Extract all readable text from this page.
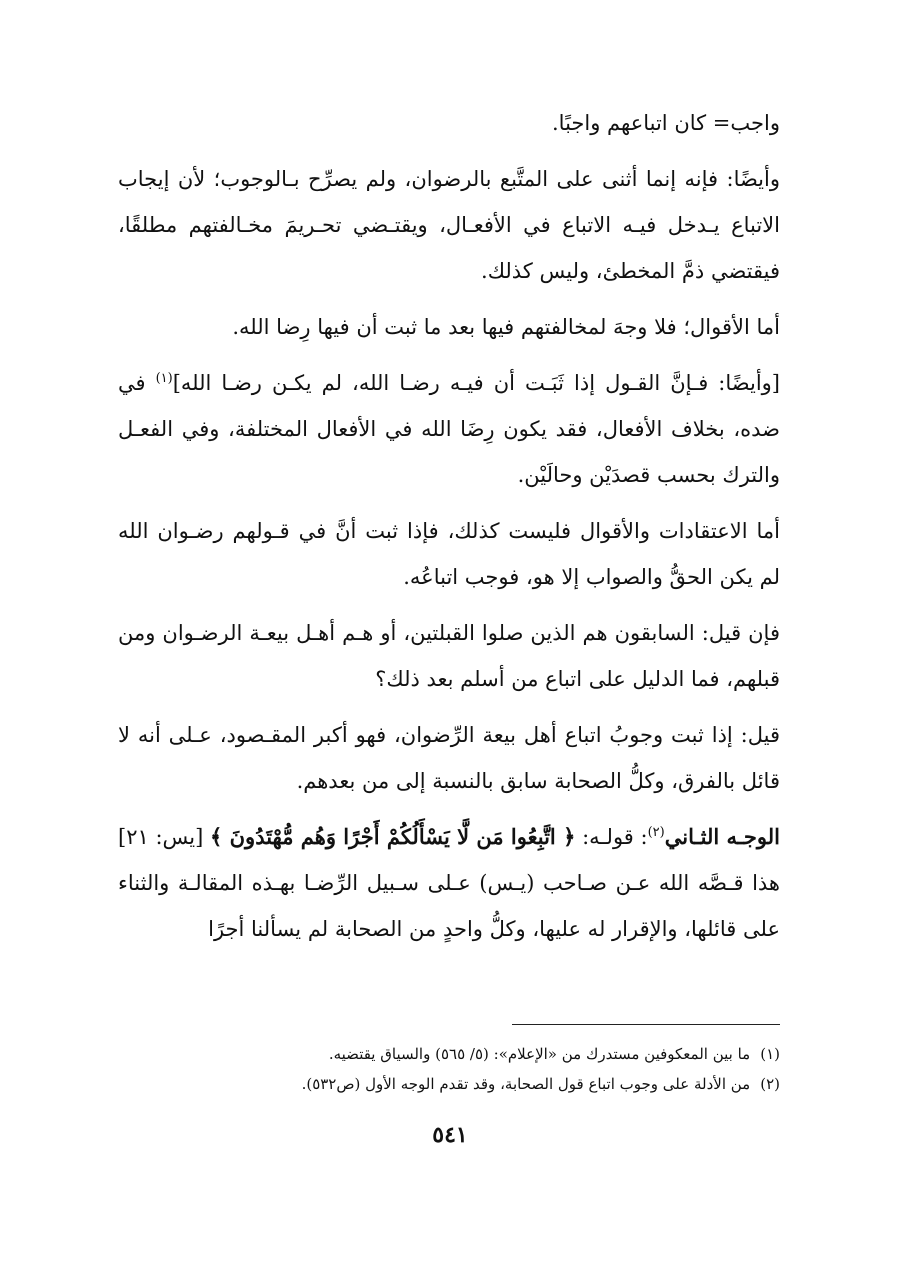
واجب= كان اتباعهم واجبًا.

وأيضًا: فإنه إنما أثنى على المتَّبع بالرضوان، ولم يصرِّح بـالوجوب؛ لأن إيجاب الاتباع يـدخل فيـه الاتباع في الأفعـال، ويقتـضي تحـريمَ مخـالفتهم مطلقًا، فيقتضي ذمَّ المخطئ، وليس كذلك.

أما الأقوال؛ فلا وجهَ لمخالفتهم فيها بعد ما ثبت أن فيها رِضا الله.

[وأيضًا: فـإنَّ القـول إذا ثَبَـت أن فيـه رضـا الله، لم يكـن رضـا الله]$^{(١)}$ في ضده، بخلاف الأفعال، فقد يكون رِضَا الله في الأفعال المختلفة، وفي الفعـل والترك بحسب قصدَيْن وحالَيْن.

أما الاعتقادات والأقوال فليست كذلك، فإذا ثبت أنَّ في قـولهم رضـوان الله لم يكن الحقُّ والصواب إلا هو، فوجب اتباعُه.

فإن قيل: السابقون هم الذين صلوا القبلتين، أو هـم أهـل بيعـة الرضـوان ومن قبلهم، فما الدليل على اتباع من أسلم بعد ذلك؟

قيل: إذا ثبت وجوبُ اتباع أهل بيعة الرِّضوان، فهو أكبر المقـصود، عـلى أنه لا قائل بالفرق، وكلُّ الصحابة سابق بالنسبة إلى من بعدهم.

الوجـه الثـاني$^{(٢)}$: قولـه: ﴿ اتَّبِعُوا مَن لَّا يَسْأَلُكُمْ أَجْرًا وَهُم مُّهْتَدُونَ ﴾ [يس: ٢١] هذا قـصَّه الله عـن صـاحب (يـس) عـلى سـبيل الرِّضـا بهـذه المقالـة والثناء على قائلها، والإقرار له عليها، وكلُّ واحدٍ من الصحابة لم يسألنا أجرًا

(١)ما بين المعكوفين مستدرك من «الإعلام»: (٥/ ٥٦٥) والسياق يقتضيه.

(٢)من الأدلة على وجوب اتباع قول الصحابة، وقد تقدم الوجه الأول (ص٥٣٢).

٥٤١
